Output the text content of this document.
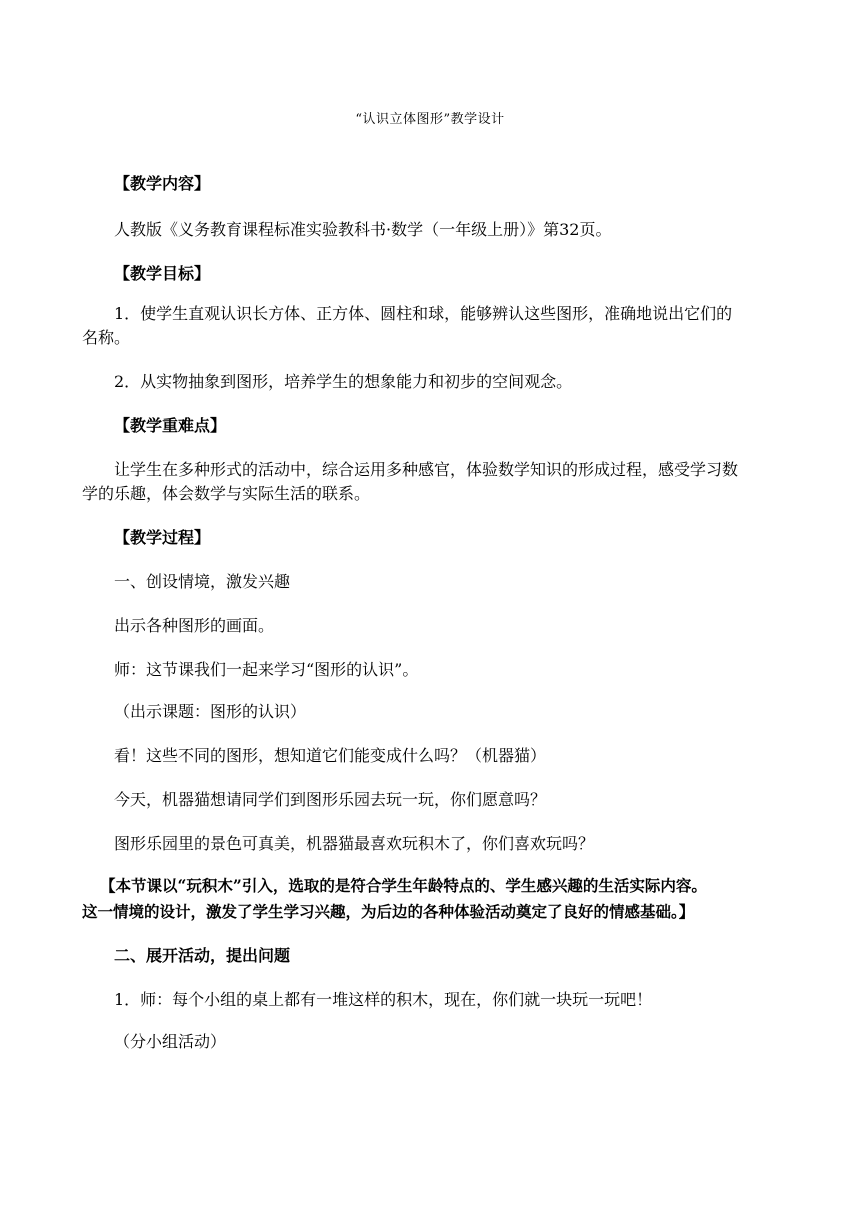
“认识立体图形”教学设计
【教学内容】
人教版《义务教育课程标准实验教科书·数学（一年级上册）》第32页。
【教学目标】
1．使学生直观认识长方体、正方体、圆柱和球，能够辨认这些图形，准确地说出它们的
名称。
2．从实物抽象到图形，培养学生的想象能力和初步的空间观念。
【教学重难点】
让学生在多种形式的活动中，综合运用多种感官，体验数学知识的形成过程，感受学习数
学的乐趣，体会数学与实际生活的联系。
【教学过程】
一、创设情境，激发兴趣
出示各种图形的画面。
师：这节课我们一起来学习“图形的认识”。
（出示课题：图形的认识）
看！这些不同的图形，想知道它们能变成什么吗？（机器猫）
今天，机器猫想请同学们到图形乐园去玩一玩，你们愿意吗？
图形乐园里的景色可真美，机器猫最喜欢玩积木了，你们喜欢玩吗？
【本节课以“玩积木”引入，选取的是符合学生年龄特点的、学生感兴趣的生活实际内容。
这一情境的设计，激发了学生学习兴趣，为后边的各种体验活动奠定了良好的情感基础。】
二、展开活动，提出问题
1．师：每个小组的桌上都有一堆这样的积木，现在，你们就一块玩一玩吧！
（分小组活动）
